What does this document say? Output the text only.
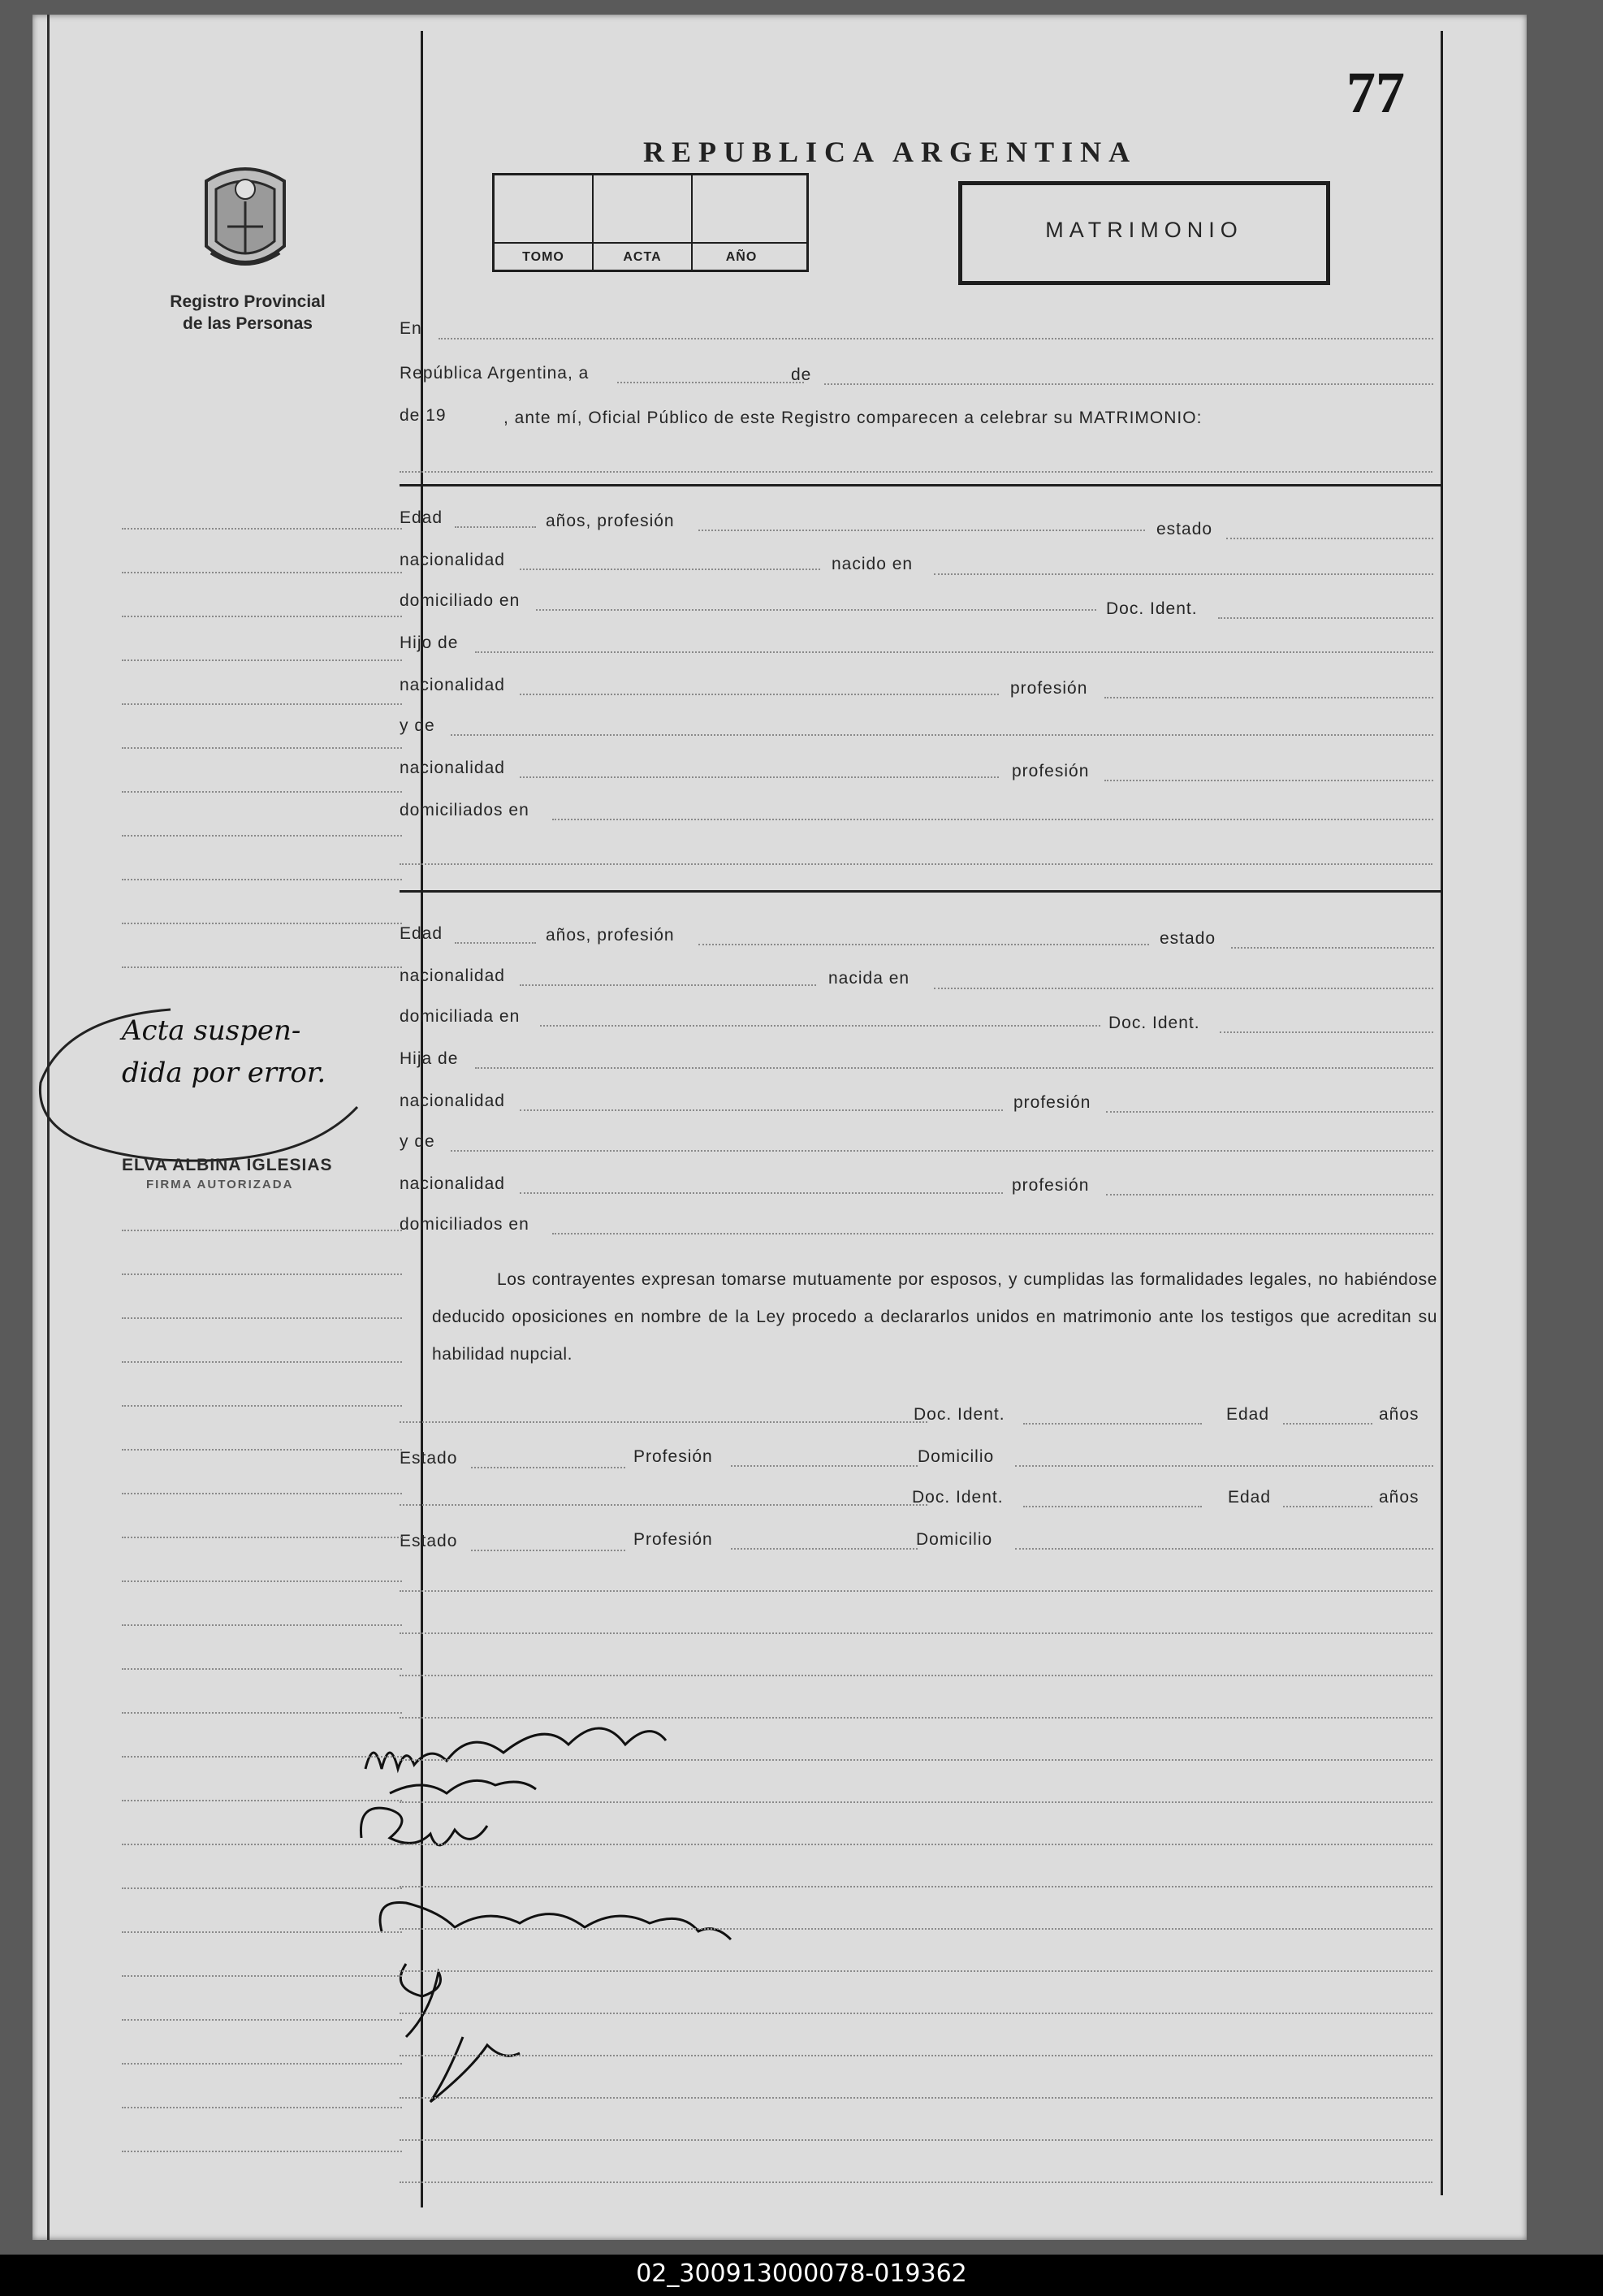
77
REPUBLICA ARGENTINA
TOMO	ACTA	AÑO
MATRIMONIO
Registro Provincial
de las Personas
Acta suspen-
dida por error.
ELVA ALBINA IGLESIAS
FIRMA AUTORIZADA
En
República Argentina, a	de
de 19	, ante mí, Oficial Público de este Registro comparecen a celebrar su MATRIMONIO:
Edad	años, profesión	estado
nacionalidad	nacido en
domiciliado en	Doc. Ident.
Hijo de
nacionalidad	profesión
y de
nacionalidad	profesión
domiciliados en
Edad	años, profesión	estado
nacionalidad	nacida en
domiciliada en	Doc. Ident.
Hija de
nacionalidad	profesión
y de
nacionalidad	profesión
domiciliados en
Los contrayentes expresan tomarse mutuamente por esposos, y cumplidas las formalidades legales, no habiéndose deducido oposiciones en nombre de la Ley procedo a declararlos unidos en matrimonio ante los testigos que acreditan su habilidad nupcial.
Doc. Ident.	Edad	años
Estado	Profesión	Domicilio
Doc. Ident.	Edad	años
Estado	Profesión	Domicilio
02_300913000078-019362
